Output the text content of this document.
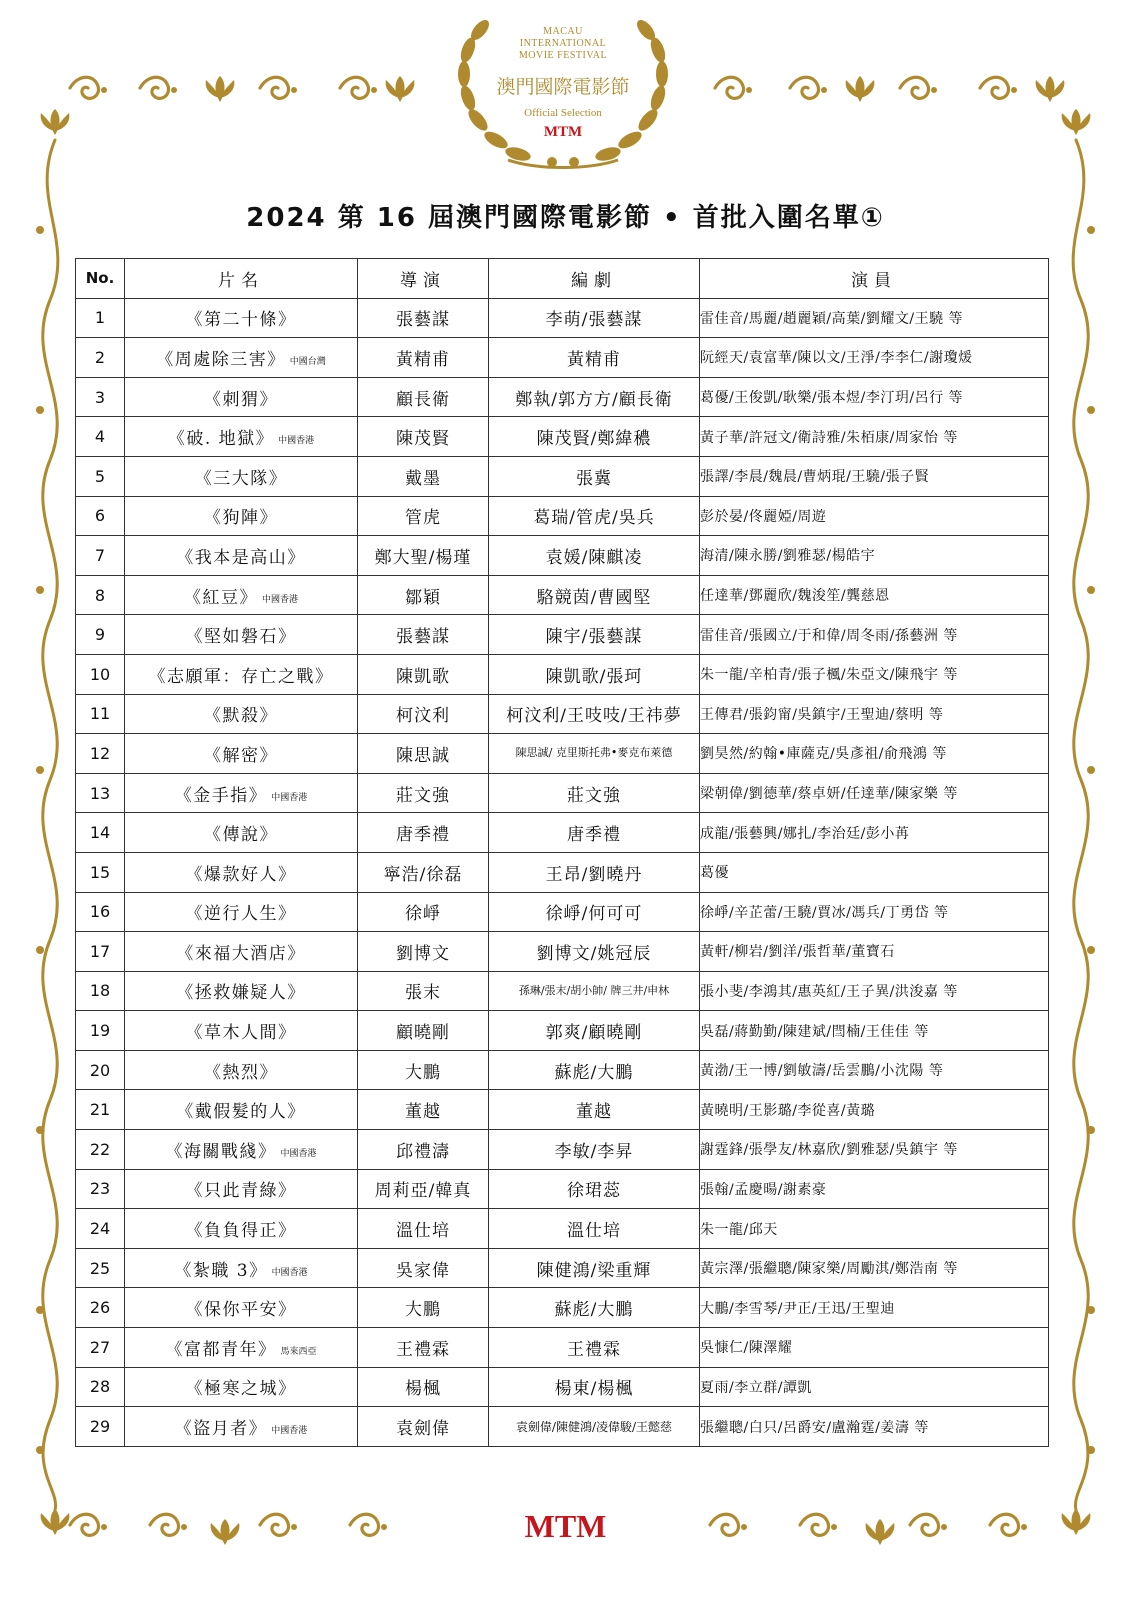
MACAU
INTERNATIONAL
MOVIE FESTIVAL
澳門國際電影節
Official Selection
MTM
2024 第 16 屆澳門國際電影節 • 首批入圍名單①
No.	片名	導演	編劇	演員
1	《第二十條》	張藝謀	李萌/張藝謀	雷佳音/馬麗/趙麗穎/高葉/劉耀文/王驍 等
2	《周處除三害》 中國台灣	黃精甫	黃精甫	阮經天/袁富華/陳以文/王淨/李李仁/謝瓊煖
3	《刺猬》	顧長衛	鄭執/郭方方/顧長衛	葛優/王俊凱/耿樂/張本煜/李汀玥/呂行 等
4	《破. 地獄》 中國香港	陳茂賢	陳茂賢/鄭緯穠	黃子華/許冠文/衛詩雅/朱栢康/周家怡 等
5	《三大隊》	戴墨	張冀	張譯/李晨/魏晨/曹炳琨/王驍/張子賢
6	《狗陣》	管虎	葛瑞/管虎/吳兵	彭於晏/佟麗婭/周遊
7	《我本是高山》	鄭大聖/楊瑾	袁媛/陳麒凌	海清/陳永勝/劉雅瑟/楊皓宇
8	《紅豆》 中國香港	鄒穎	駱競茵/曹國堅	任達華/鄧麗欣/魏浚笙/龔慈恩
9	《堅如磐石》	張藝謀	陳宇/張藝謀	雷佳音/張國立/于和偉/周冬雨/孫藝洲 等
10	《志願軍：存亡之戰》	陳凱歌	陳凱歌/張珂	朱一龍/辛柏青/張子楓/朱亞文/陳飛宇 等
11	《默殺》	柯汶利	柯汶利/王吱吱/王祎夢	王傳君/張鈞甯/吳鎮宇/王聖迪/蔡明 等
12	《解密》	陳思誠	陳思誠/ 克里斯托弗•麥克布萊德	劉昊然/約翰•庫薩克/吳彥祖/俞飛鴻 等
13	《金手指》 中國香港	莊文強	莊文強	梁朝偉/劉德華/蔡卓妍/任達華/陳家樂 等
14	《傳說》	唐季禮	唐季禮	成龍/張藝興/娜扎/李治廷/彭小苒
15	《爆款好人》	寧浩/徐磊	王昂/劉曉丹	葛優
16	《逆行人生》	徐崢	徐崢/何可可	徐崢/辛芷蕾/王驍/賈冰/馮兵/丁勇岱 等
17	《來福大酒店》	劉博文	劉博文/姚冠辰	黃軒/柳岩/劉洋/張哲華/董寶石
18	《拯救嫌疑人》	張末	孫琳/張末/胡小帥/ 牌三井/申林	張小斐/李鴻其/惠英紅/王子異/洪浚嘉 等
19	《草木人間》	顧曉剛	郭爽/顧曉剛	吳磊/蔣勤勤/陳建斌/閆楠/王佳佳 等
20	《熱烈》	大鵬	蘇彪/大鵬	黃渤/王一博/劉敏濤/岳雲鵬/小沈陽 等
21	《戴假髮的人》	董越	董越	黃曉明/王影璐/李從喜/黃璐
22	《海關戰綫》 中國香港	邱禮濤	李敏/李昇	謝霆鋒/張學友/林嘉欣/劉雅瑟/吳鎮宇 等
23	《只此青綠》	周莉亞/韓真	徐珺蕊	張翰/孟慶暘/謝素豪
24	《負負得正》	溫仕培	溫仕培	朱一龍/邱天
25	《紮職 3》 中國香港	吳家偉	陳健鴻/梁重輝	黃宗澤/張繼聰/陳家樂/周勵淇/鄭浩南 等
26	《保你平安》	大鵬	蘇彪/大鵬	大鵬/李雪琴/尹正/王迅/王聖迪
27	《富都青年》 馬來西亞	王禮霖	王禮霖	吳慷仁/陳澤耀
28	《極寒之城》	楊楓	楊東/楊楓	夏雨/李立群/譚凱
29	《盜月者》 中國香港	袁劍偉	袁劍偉/陳健鴻/凌偉駿/王懿慈	張繼聰/白只/呂爵安/盧瀚霆/姜濤 等
MTM
